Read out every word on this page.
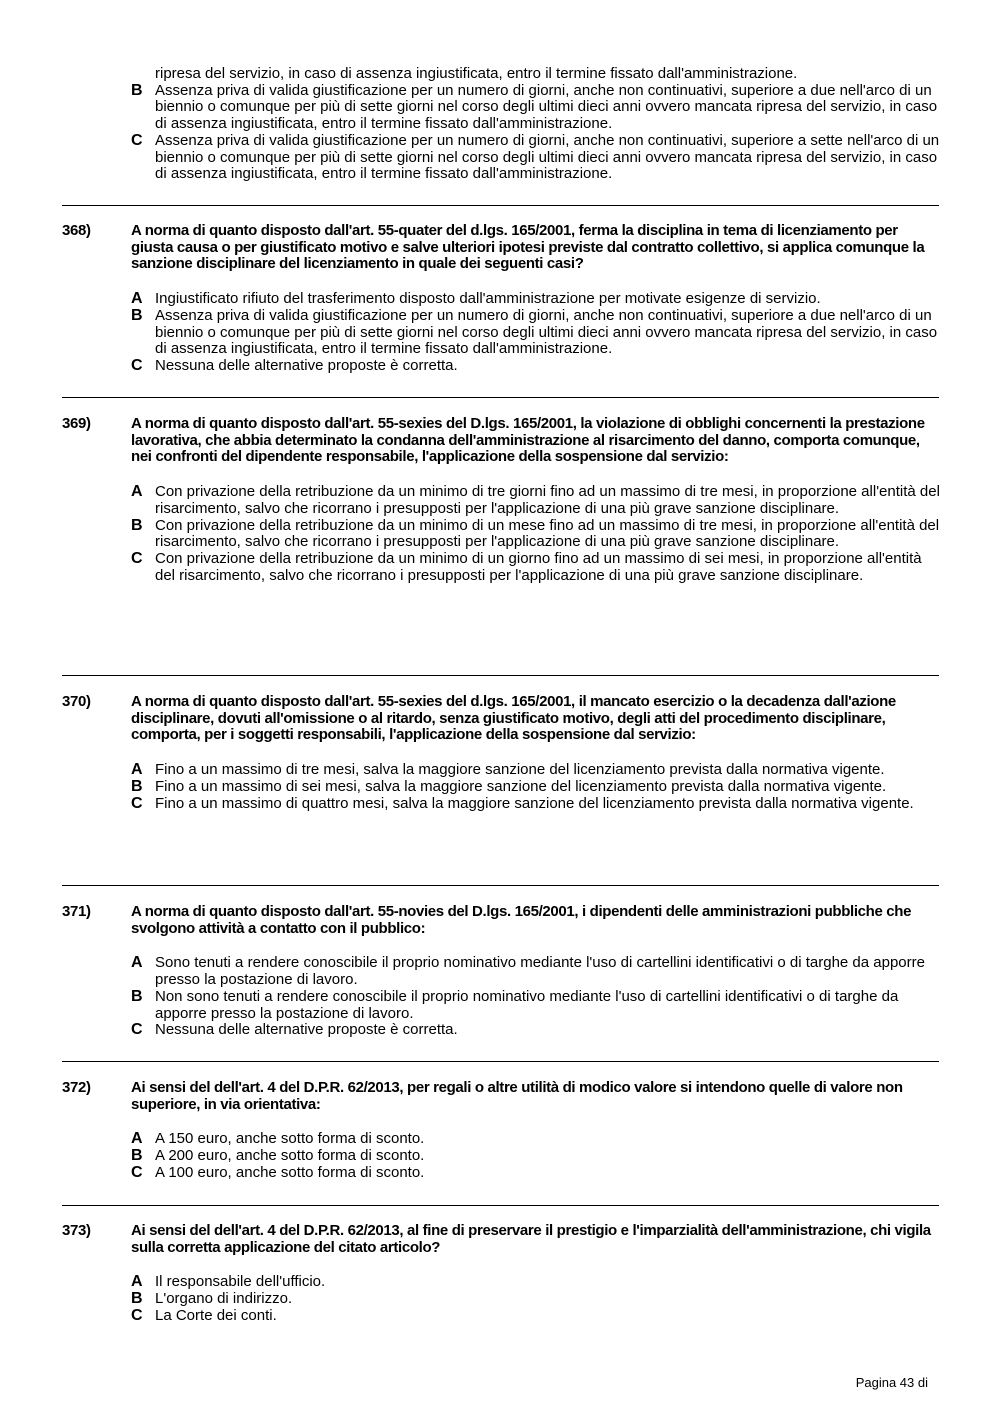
ripresa del servizio, in caso di assenza ingiustificata, entro il termine fissato dall'amministrazione.
B Assenza priva di valida giustificazione per un numero di giorni, anche non continuativi, superiore a due nell'arco di un biennio o comunque per più di sette giorni nel corso degli ultimi dieci anni ovvero mancata ripresa del servizio, in caso di assenza ingiustificata, entro il termine fissato dall'amministrazione.
C Assenza priva di valida giustificazione per un numero di giorni, anche non continuativi, superiore a sette nell'arco di un biennio o comunque per più di sette giorni nel corso degli ultimi dieci anni ovvero mancata ripresa del servizio, in caso di assenza ingiustificata, entro il termine fissato dall'amministrazione.
368)	A norma di quanto disposto dall'art. 55-quater del d.lgs. 165/2001, ferma la disciplina in tema di licenziamento per giusta causa o per giustificato motivo e salve ulteriori ipotesi previste dal contratto collettivo, si applica comunque la sanzione disciplinare del licenziamento in quale dei seguenti casi?
A Ingiustificato rifiuto del trasferimento disposto dall'amministrazione per motivate esigenze di servizio.
B Assenza priva di valida giustificazione per un numero di giorni, anche non continuativi, superiore a due nell'arco di un biennio o comunque per più di sette giorni nel corso degli ultimi dieci anni ovvero mancata ripresa del servizio, in caso di assenza ingiustificata, entro il termine fissato dall'amministrazione.
C Nessuna delle alternative proposte è corretta.
369)	A norma di quanto disposto dall'art. 55-sexies del D.lgs. 165/2001, la violazione di obblighi concernenti la prestazione lavorativa, che abbia determinato la condanna dell'amministrazione al risarcimento del danno, comporta comunque, nei confronti del dipendente responsabile, l'applicazione della sospensione dal servizio:
A Con privazione della retribuzione da un minimo di tre giorni fino ad un massimo di tre mesi, in proporzione all'entità del risarcimento, salvo che ricorrano i presupposti per l'applicazione di una più grave sanzione disciplinare.
B Con privazione della retribuzione da un minimo di un mese fino ad un massimo di tre mesi, in proporzione all'entità del risarcimento, salvo che ricorrano i presupposti per l'applicazione di una più grave sanzione disciplinare.
C Con privazione della retribuzione da un minimo di un giorno fino ad un massimo di sei mesi, in proporzione all'entità del risarcimento, salvo che ricorrano i presupposti per l'applicazione di una più grave sanzione disciplinare.
370)	A norma di quanto disposto dall'art. 55-sexies del d.lgs. 165/2001, il mancato esercizio o la decadenza dall'azione disciplinare, dovuti all'omissione o al ritardo, senza giustificato motivo, degli atti del procedimento disciplinare, comporta, per i soggetti responsabili, l'applicazione della sospensione dal servizio:
A Fino a un massimo di tre mesi, salva la maggiore sanzione del licenziamento prevista dalla normativa vigente.
B Fino a un massimo di sei mesi, salva la maggiore sanzione del licenziamento prevista dalla normativa vigente.
C Fino a un massimo di quattro mesi, salva la maggiore sanzione del licenziamento prevista dalla normativa vigente.
371)	A norma di quanto disposto dall'art. 55-novies del D.lgs. 165/2001, i dipendenti delle amministrazioni pubbliche che svolgono attività a contatto con il pubblico:
A Sono tenuti a rendere conoscibile il proprio nominativo mediante l'uso di cartellini identificativi o di targhe da apporre presso la postazione di lavoro.
B Non sono tenuti a rendere conoscibile il proprio nominativo mediante l'uso di cartellini identificativi o di targhe da apporre presso la postazione di lavoro.
C Nessuna delle alternative proposte è corretta.
372)	Ai sensi del dell'art. 4 del D.P.R. 62/2013, per regali o altre utilità di modico valore si intendono quelle di valore non superiore, in via orientativa:
A A 150 euro, anche sotto forma di sconto.
B A 200 euro, anche sotto forma di sconto.
C A 100 euro, anche sotto forma di sconto.
373)	Ai sensi del dell'art. 4 del D.P.R. 62/2013, al fine di preservare il prestigio e l'imparzialità dell'amministrazione, chi vigila sulla corretta applicazione del citato articolo?
A Il responsabile dell'ufficio.
B L'organo di indirizzo.
C La Corte dei conti.
Pagina 43 di
